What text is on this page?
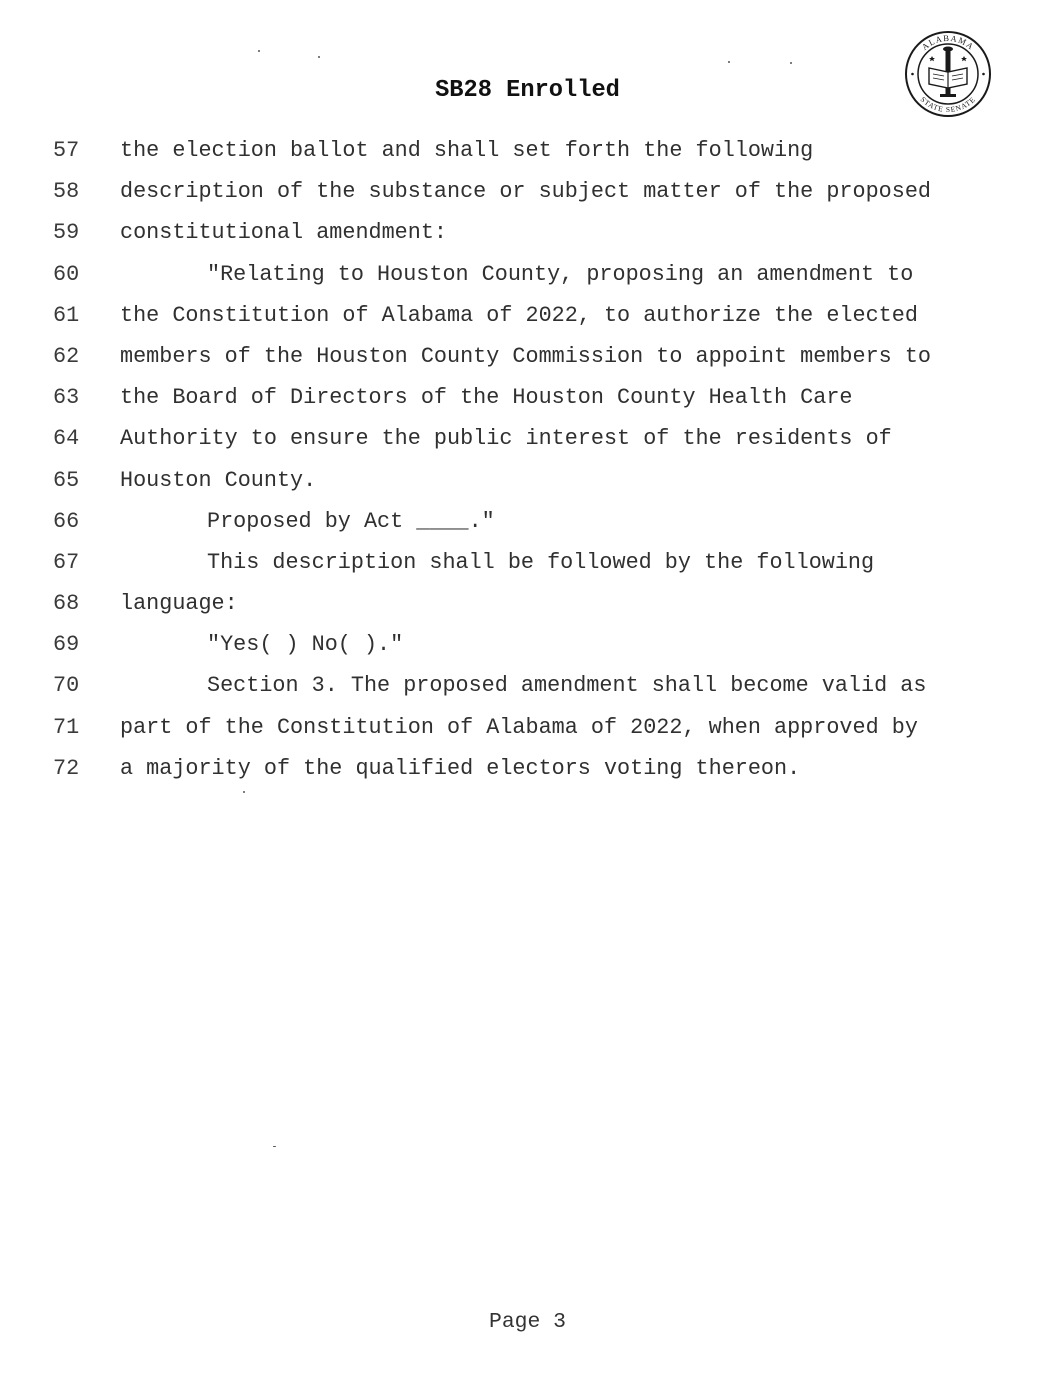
SB28 Enrolled
ALABAMA
STATE SENATE
57 the election ballot and shall set forth the following
58 description of the substance or subject matter of the proposed
59 constitutional amendment:
60	"Relating to Houston County, proposing an amendment to
61 the Constitution of Alabama of 2022, to authorize the elected
62 members of the Houston County Commission to appoint members to
63 the Board of Directors of the Houston County Health Care
64 Authority to ensure the public interest of the residents of
65 Houston County.
66	Proposed by Act ____."
67	This description shall be followed by the following
68 language:
69	"Yes( ) No( )."
70	Section 3. The proposed amendment shall become valid as
71 part of the Constitution of Alabama of 2022, when approved by
72 a majority of the qualified electors voting thereon.
Page 3
